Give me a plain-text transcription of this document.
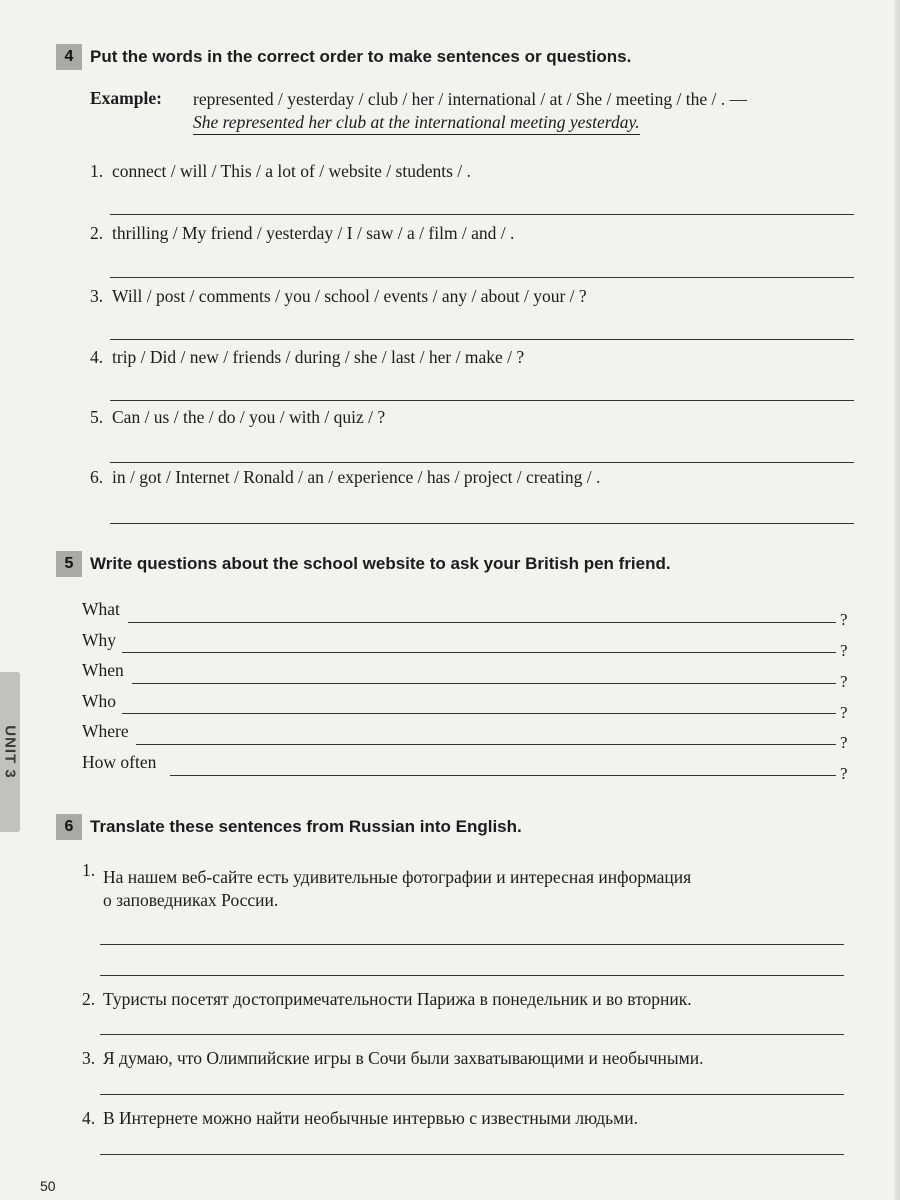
UNIT 3
4 Put the words in the correct order to make sentences or questions.
Example: represented / yesterday / club / her / international / at / She / meeting / the / . —
She represented her club at the international meeting yesterday.
1. connect / will / This / a lot of / website / students / .
2. thrilling / My friend / yesterday / I / saw / a / film / and / .
3. Will / post / comments / you / school / events / any / about / your / ?
4. trip / Did / new / friends / during / she / last / her / make / ?
5. Can / us / the / do / you / with / quiz / ?
6. in / got / Internet / Ronald / an / experience / has / project / creating / .
5 Write questions about the school website to ask your British pen friend.
What
?
Why
?
When
?
Who
?
Where
?
How often
?
6 Translate these sentences from Russian into English.
1. На нашем веб-сайте есть удивительные фотографии и интересная информация
о заповедниках России.
2. Туристы посетят достопримечательности Парижа в понедельник и во вторник.
3. Я думаю, что Олимпийские игры в Сочи были захватывающими и необычными.
4. В Интернете можно найти необычные интервью с известными людьми.
50
